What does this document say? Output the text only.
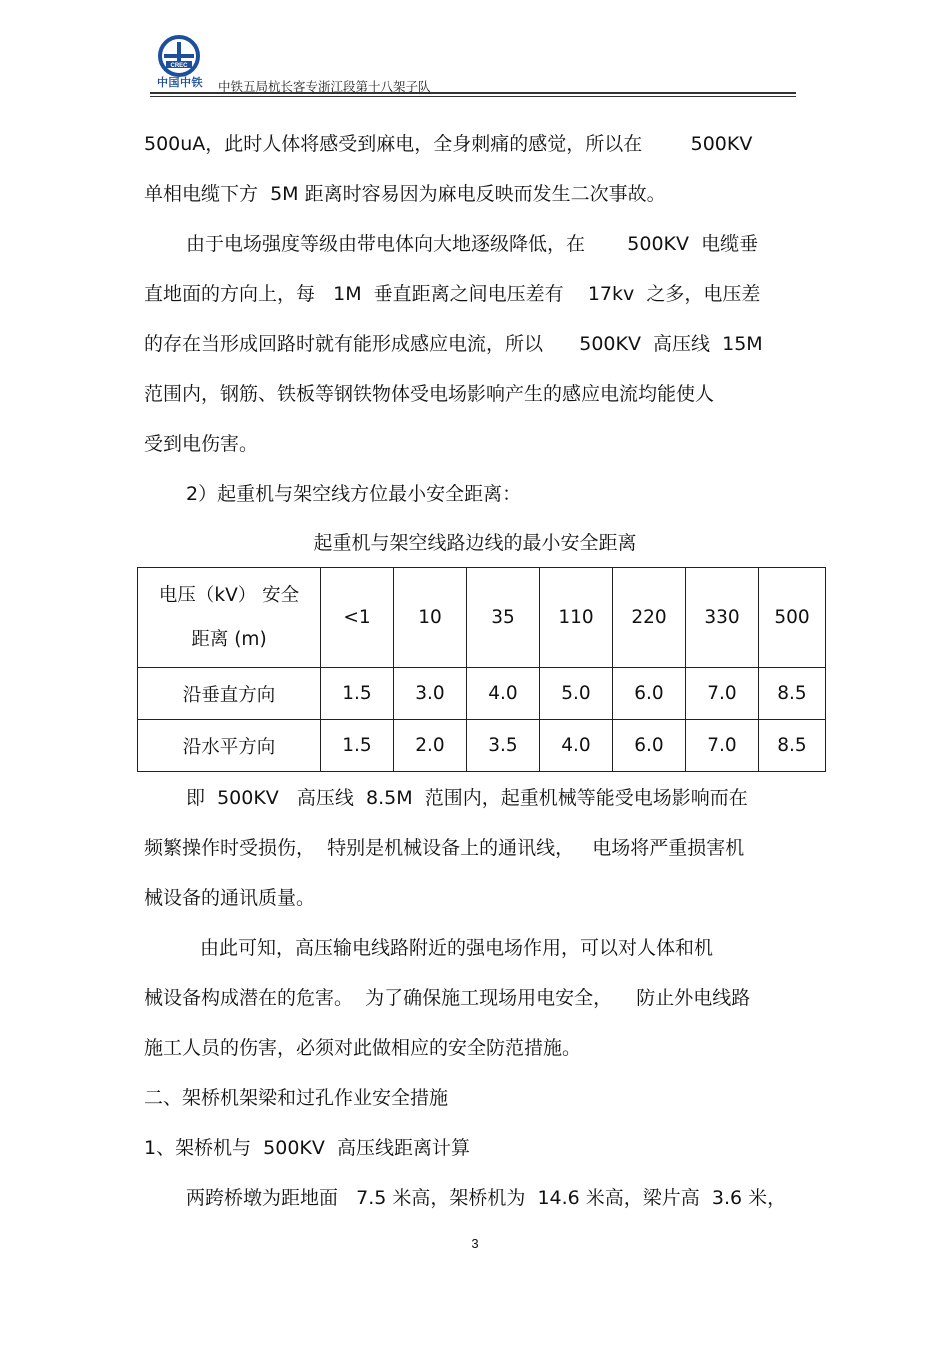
CREC
中国中铁	中铁五局杭长客专浙江段第十八架子队
500uA，此时人体将感受到麻电，全身刺痛的感觉，所以在        500KV
单相电缆下方  5M 距离时容易因为麻电反映而发生二次事故。
由于电场强度等级由带电体向大地逐级降低，在       500KV  电缆垂
直地面的方向上，每   1M  垂直距离之间电压差有    17kv  之多，电压差
的存在当形成回路时就有能形成感应电流，所以      500KV  高压线  15M
范围内，钢筋、铁板等钢铁物体受电场影响产生的感应电流均能使人
受到电伤害。
2）起重机与架空线方位最小安全距离：
起重机与架空线路边线的最小安全距离
电压（kV） 安全
距离 (m)	<1	10	35	110	220	330	500
沿垂直方向	1.5	3.0	4.0	5.0	6.0	7.0	8.5
沿水平方向	1.5	2.0	3.5	4.0	6.0	7.0	8.5
即  500KV   高压线  8.5M  范围内，起重机械等能受电场影响而在
频繁操作时受损伤，  特别是机械设备上的通讯线，   电场将严重损害机
械设备的通讯质量。
由此可知，高压输电线路附近的强电场作用，可以对人体和机
械设备构成潜在的危害。  为了确保施工现场用电安全，    防止外电线路
施工人员的伤害，必须对此做相应的安全防范措施。
二、架桥机架梁和过孔作业安全措施
1、架桥机与  500KV  高压线距离计算
两跨桥墩为距地面   7.5 米高，架桥机为  14.6 米高，梁片高  3.6 米，
3
